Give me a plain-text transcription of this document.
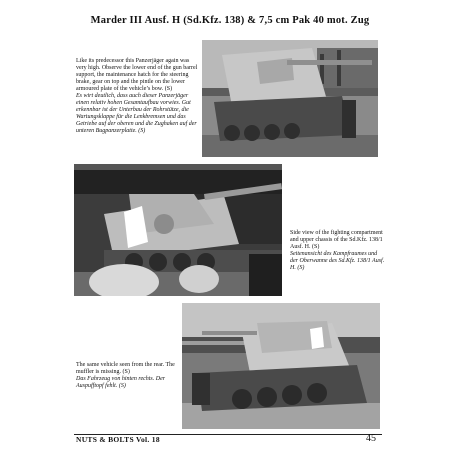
Marder III Ausf. H (Sd.Kfz. 138) & 7,5 cm Pak 40 mot. Zug

Like its predecessor this Panzerjäger again was very high. Observe the lower end of the gun barrel support, the maintenance hatch for the steering brake, gear on top and the pintle on the lower armoured plate of the vehicle’s bow. (S)

Es wirt deutlich, dass auch dieser Panzerjäger einen relativ hohen Gesamtaufbau vorwies. Gut erkennbar ist der Unterbau der Rohrstütze, die Wartungsklappe für die Lenkbremsen und das Getriebe auf der oberen und die Zughaken auf der unteren Bugpanzerplatte. (S)

Side view of the fighting compartment and upper chassis of the Sd.Kfz. 138/1 Ausf. H. (S)

Seitenansicht des Kampfraumes und der Oberwanne des Sd.Kfz. 138/1 Ausf. H. (S)

The same vehicle seen from the rear. The muffler is missing. (S)

Das Fahrzeug von hinten rechts. Der Auspufftopf fehlt. (S)

NUTS & BOLTS Vol. 18	45
